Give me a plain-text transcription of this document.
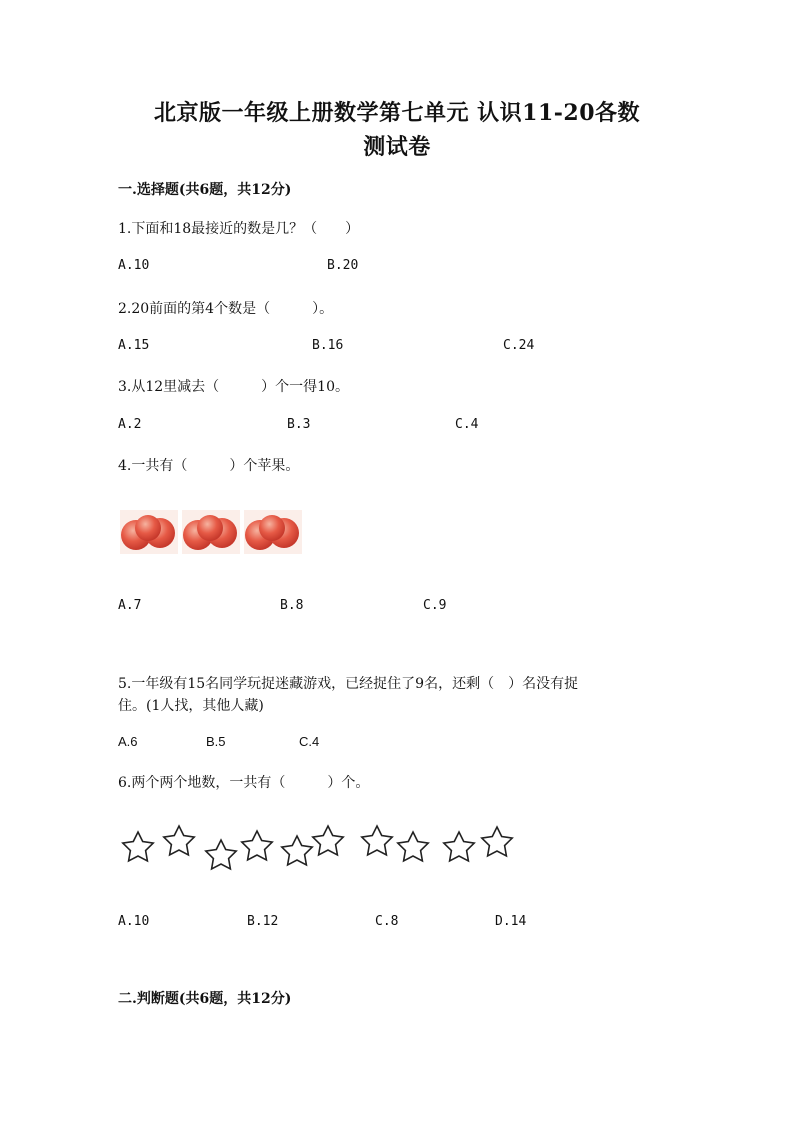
北京版一年级上册数学第七单元 认识11-20各数
测试卷
一.选择题(共6题，共12分)
1.下面和18最接近的数是几？（　　）
A.10	B.20
2.20前面的第4个数是（　　　）。
A.15	B.16	C.24
3.从12里减去（　　　）个一得10。
A.2	B.3	C.4
4.一共有（　　　）个苹果。
A.7	B.8	C.9
5.一年级有15名同学玩捉迷藏游戏，已经捉住了9名，还剩（　）名没有捉
住。(1人找，其他人藏)
A.6	B.5	C.4
6.两个两个地数，一共有（　　　）个。
A.10	B.12	C.8	D.14
二.判断题(共6题，共12分)
